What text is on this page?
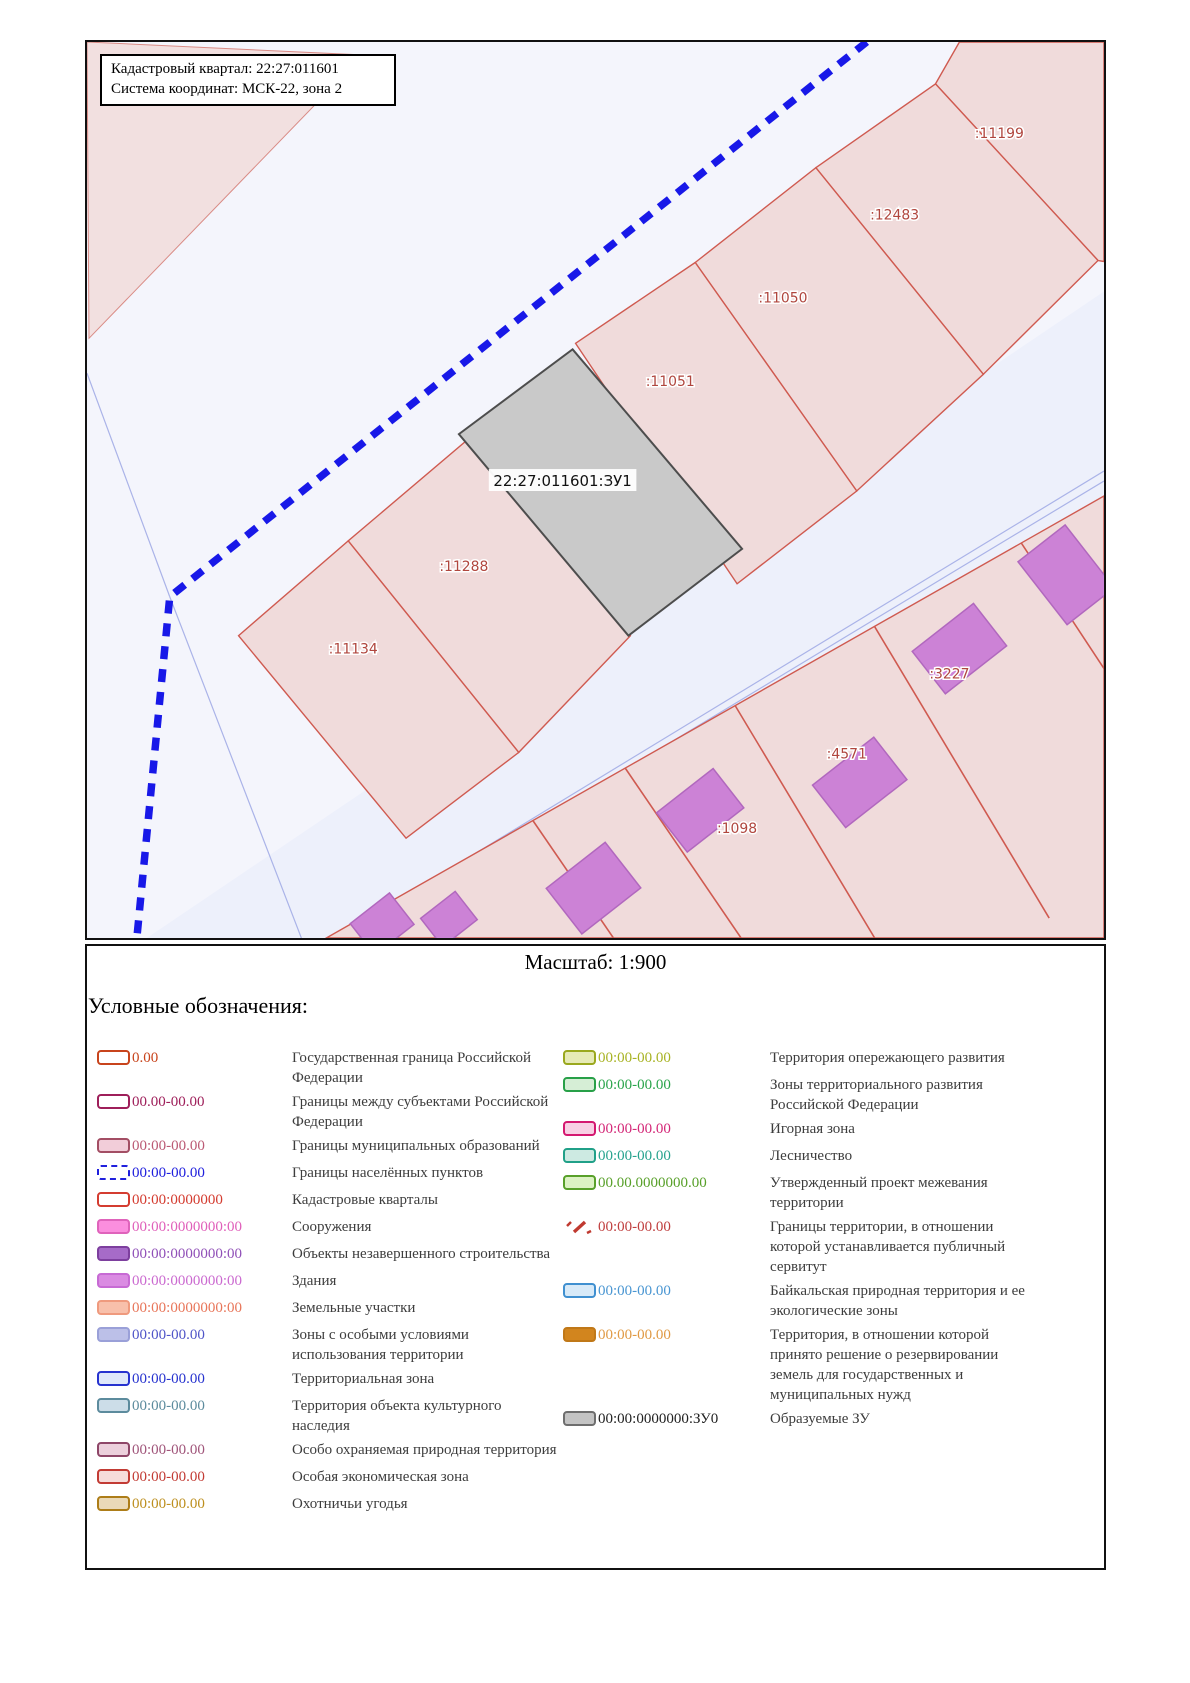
:11199
:12483
:11050
:11051
:11288
:11134
:3227
:4571
:1098
22:27:011601:ЗУ1
Кадастровый квартал: 22:27:011601
Система координат: МСК-22, зона 2
Масштаб: 1:900
Условные обозначения:
0.00	Государственная граница Российской Федерации
00.00-00.00	Границы между субъектами Российской Федерации
00:00-00.00	Границы муниципальных образований
00:00-00.00	Границы населённых пунктов
00:00:0000000	Кадастровые кварталы
00:00:0000000:00	Сооружения
00:00:0000000:00	Объекты незавершенного строительства
00:00:0000000:00	Здания
00:00:0000000:00	Земельные участки
00:00-00.00	Зоны с особыми условиями использования территории
00:00-00.00	Территориальная зона
00:00-00.00	Территория объекта культурного наследия
00:00-00.00	Особо охраняемая природная территория
00:00-00.00	Особая экономическая зона
00:00-00.00	Охотничьи угодья
00:00-00.00	Территория опережающего развития
00:00-00.00	Зоны территориального развития Российской Федерации
00:00-00.00	Игорная зона
00:00-00.00	Лесничество
00.00.0000000.00	Утвержденный проект межевания территории
00:00-00.00	Границы территории, в отношении которой устанавливается публичный сервитут
00:00-00.00	Байкальская природная территория и ее экологические зоны
00:00-00.00	Территория, в отношении которой принято решение о резервировании земель для государственных и муниципальных нужд
00:00:0000000:ЗУ0	Образуемые ЗУ
